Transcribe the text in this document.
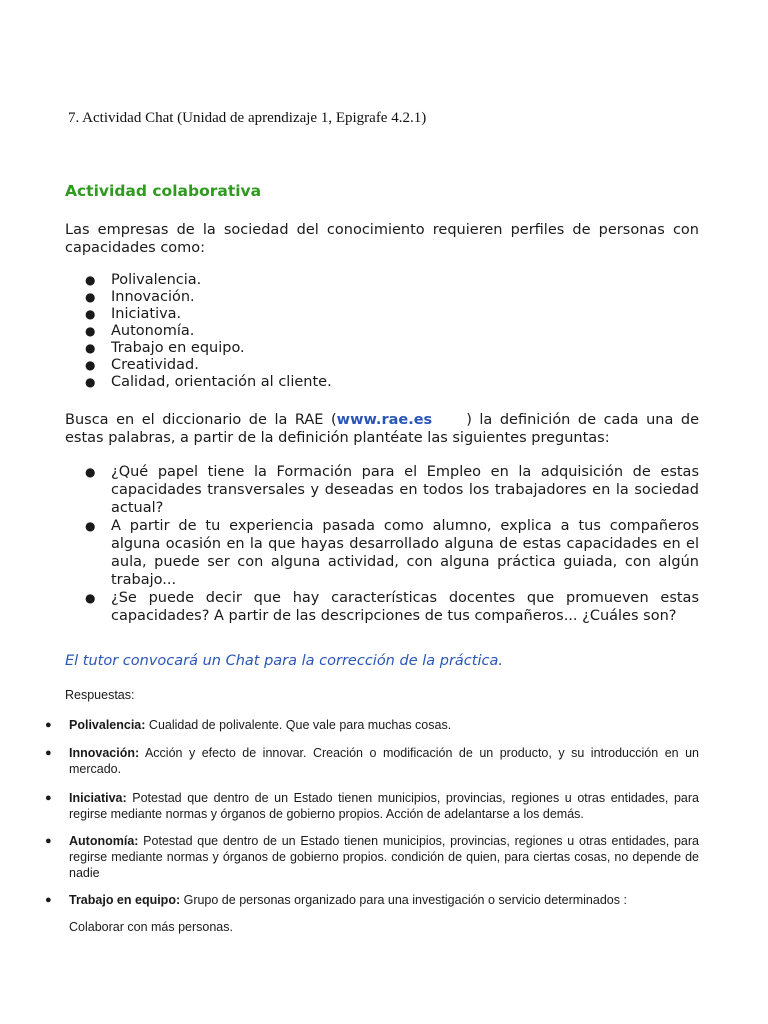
7. Actividad Chat (Unidad de aprendizaje 1, Epigrafe 4.2.1)
Actividad colaborativa
Las empresas de la sociedad del conocimiento requieren perfiles de personas con capacidades como:
● Polivalencia.
● Innovación.
● Iniciativa.
● Autonomía.
● Trabajo en equipo.
● Creatividad.
● Calidad, orientación al cliente.
Busca en el diccionario de la RAE (www.rae.es ) la definición de cada una de estas palabras, a partir de la definición plantéate las siguientes preguntas:
● ¿Qué papel tiene la Formación para el Empleo en la adquisición de estas capacidades transversales y deseadas en todos los trabajadores en la sociedad actual?
● A partir de tu experiencia pasada como alumno, explica a tus compañeros alguna ocasión en la que hayas desarrollado alguna de estas capacidades en el aula, puede ser con alguna actividad, con alguna práctica guiada, con algún trabajo...
● ¿Se puede decir que hay características docentes que promueven estas capacidades? A partir de las descripciones de tus compañeros... ¿Cuáles son?
El tutor convocará un Chat para la corrección de la práctica.
Respuestas:
● Polivalencia: Cualidad de polivalente. Que vale para muchas cosas.
● Innovación: Acción y efecto de innovar. Creación o modificación de un producto, y su introducción en un mercado.
● Iniciativa: Potestad que dentro de un Estado tienen municipios, provincias, regiones u otras entidades, para regirse mediante normas y órganos de gobierno propios. Acción de adelantarse a los demás.
● Autonomía: Potestad que dentro de un Estado tienen municipios, provincias, regiones u otras entidades, para regirse mediante normas y órganos de gobierno propios. condición de quien, para ciertas cosas, no depende de nadie
● Trabajo en equipo: Grupo de personas organizado para una investigación o servicio determinados :
Colaborar con más personas.
